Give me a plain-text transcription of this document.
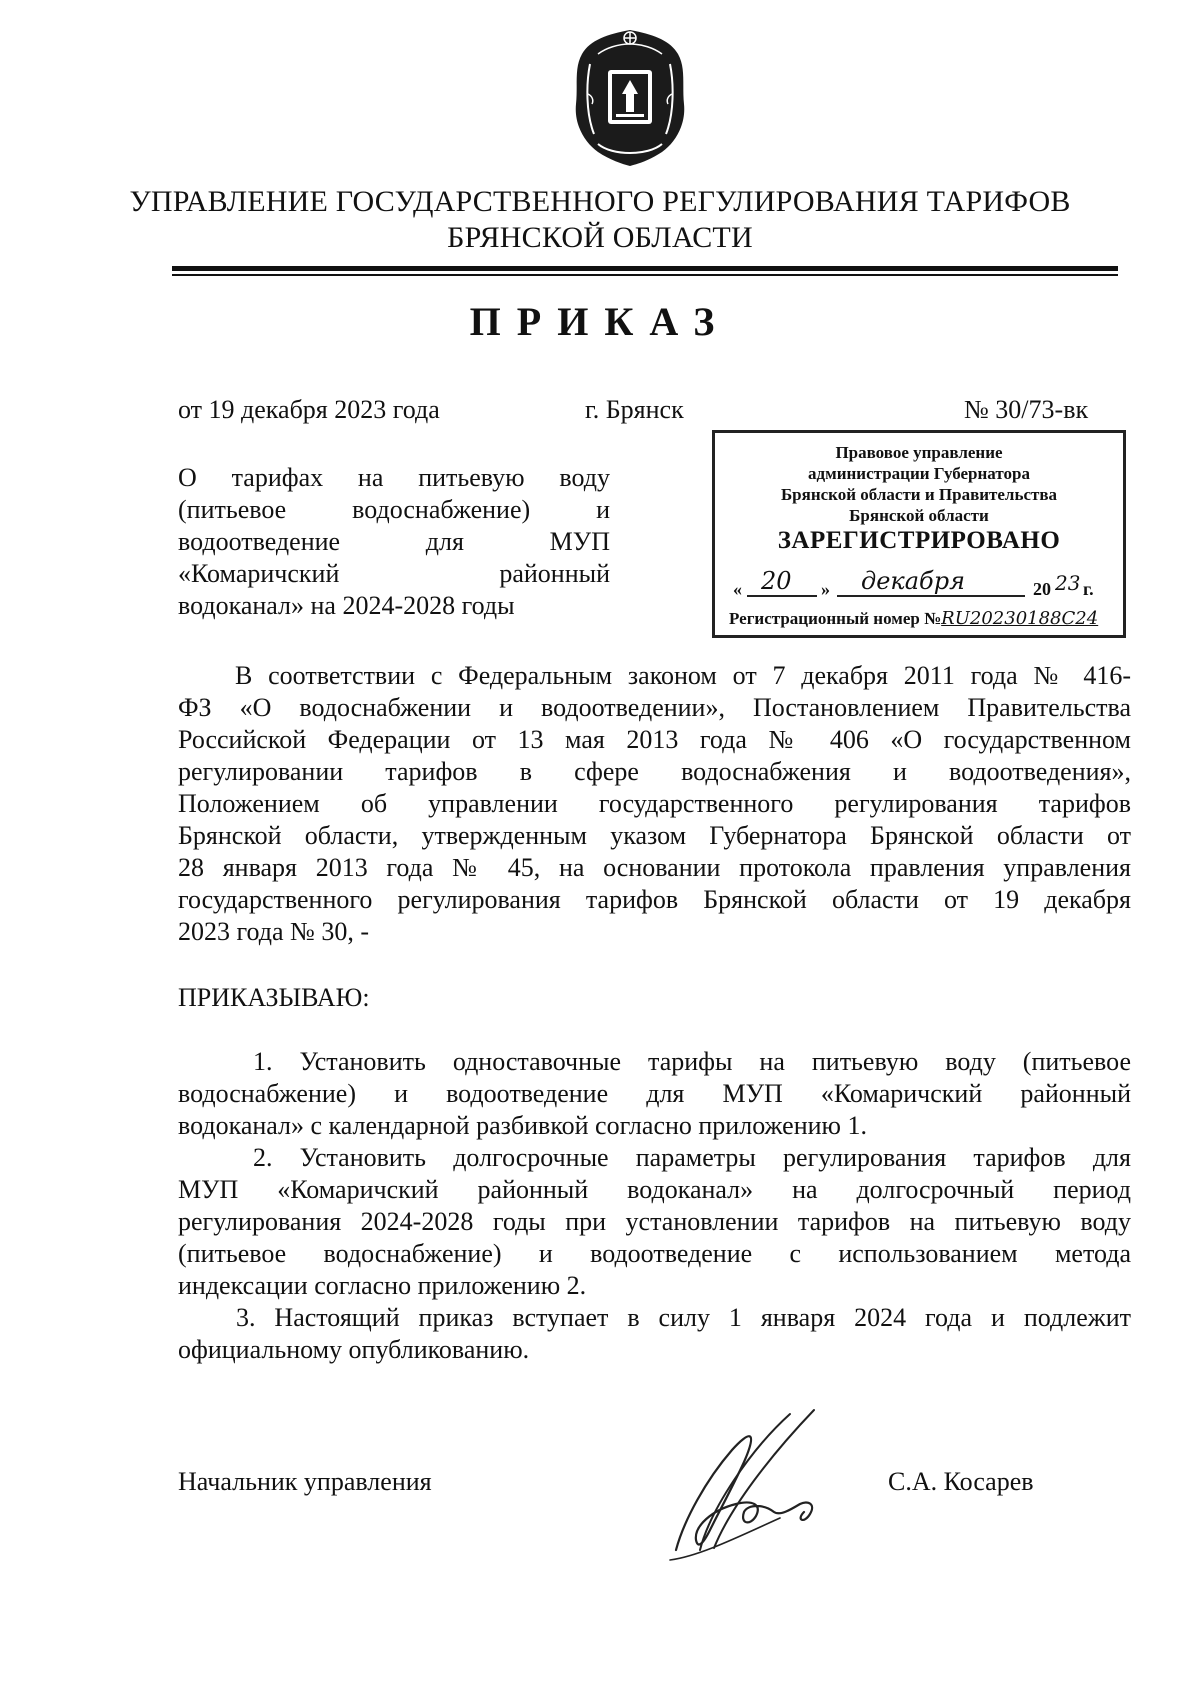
УПРАВЛЕНИЕ ГОСУДАРСТВЕННОГО РЕГУЛИРОВАНИЯ ТАРИФОВ
БРЯНСКОЙ ОБЛАСТИ
ПРИКАЗ
от 19 декабря 2023 года	г. Брянск	№ 30/73-вк
О тарифах на питьевую воду
(питьевое водоснабжение) и
водоотведение для МУП
«Комаричский районный
водоканал» на 2024-2028 годы
Правовое управление
администрации Губернатора
Брянской области и Правительства
Брянской области
ЗАРЕГИСТРИРОВАНО
« 20 » декабря	20 23 г.
Регистрационный номер №RU20230188C24
В соответствии с Федеральным законом от 7 декабря 2011 года № 416-
ФЗ «О водоснабжении и водоотведении», Постановлением Правительства
Российской Федерации от 13 мая 2013 года № 406 «О государственном
регулировании тарифов в сфере водоснабжения и водоотведения»,
Положением об управлении государственного регулирования тарифов
Брянской области, утвержденным указом Губернатора Брянской области от
28 января 2013 года № 45, на основании протокола правления управления
государственного регулирования тарифов Брянской области от 19 декабря
2023 года № 30, -
ПРИКАЗЫВАЮ:
1. Установить одноставочные тарифы на питьевую воду (питьевое
водоснабжение) и водоотведение для МУП «Комаричский районный
водоканал» с календарной разбивкой согласно приложению 1.
2. Установить долгосрочные параметры регулирования тарифов для
МУП «Комаричский районный водоканал» на долгосрочный период
регулирования 2024-2028 годы при установлении тарифов на питьевую воду
(питьевое водоснабжение) и водоотведение с использованием метода
индексации согласно приложению 2.
3. Настоящий приказ вступает в силу 1 января 2024 года и подлежит
официальному опубликованию.
Начальник управления	С.А. Косарев
